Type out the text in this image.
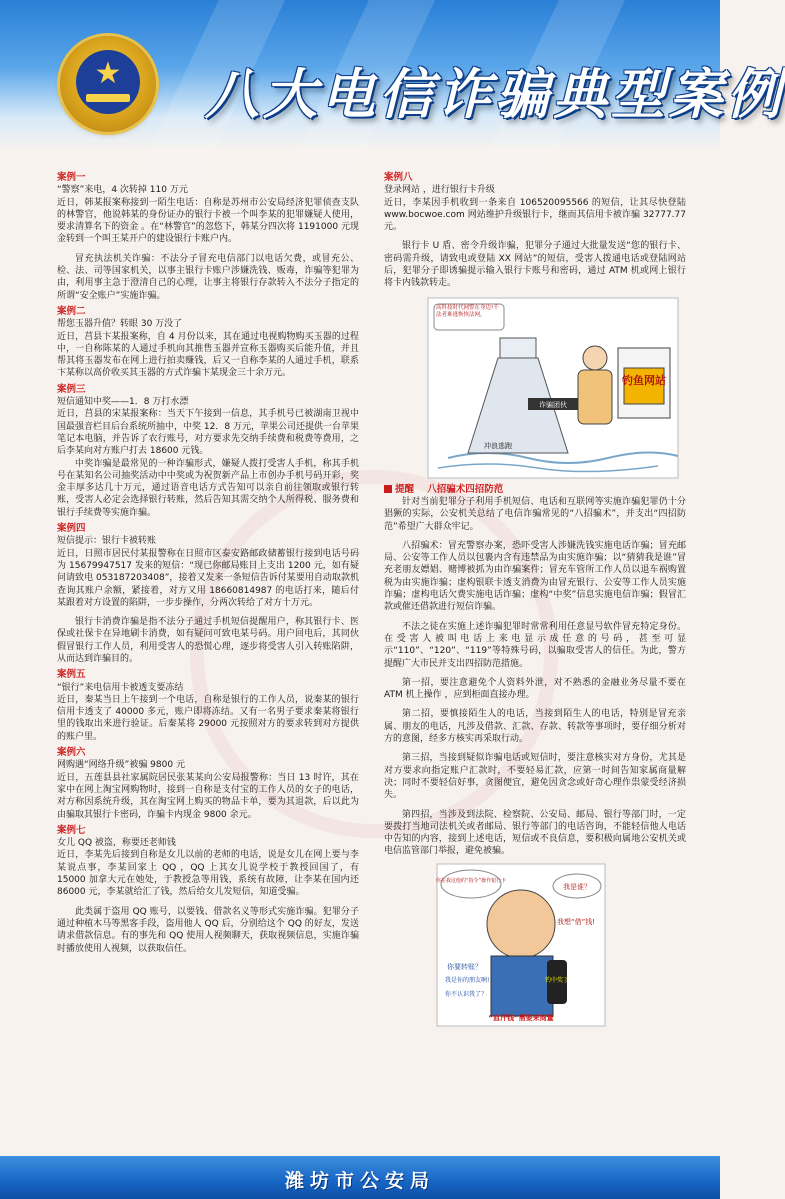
★	八大电信诈骗典型案例
案例一

“警察”来电，4 次转掉 110 万元

近日，韩某报案称接到一陌生电话：自称是苏州市公安局经济犯罪侦查支队的林警官，他说韩某的身份证办的银行卡被一个叫李某的犯罪嫌疑人使用，要求清算名下的资金 。在“林警官”的忽悠下，韩某分四次将 1191000 元现金转到一个叫王某开户的建设银行卡账户内。

冒充执法机关诈骗：不法分子冒充电信部门以电话欠费，或冒充公、检、法、司等国家机关，以事主银行卡账户涉嫌洗钱、贩毒，诈骗等犯罪为由，利用事主急于澄清自己的心理，让事主将银行存款转入不法分子指定的所谓“安全账户”实施诈骗。

案例二

帮您玉器升值？转眼 30 万没了

近日，莒县卞某报案称，自 4 月份以来，其在通过电视购物购买玉器的过程中，一自称陈某的人通过手机向其推售玉器并宣称玉器购买后能升值，并且帮其将玉器发布在网上进行拍卖赚钱，后又一自称李某的人通过手机，联系卞某称以高价收买其玉器的方式诈骗卞某现金三十余万元。

案例三

短信通知中奖——1．8 万打水漂

近日，莒县的宋某报案称：当天下午接到一信息，其手机号已被湖南卫视中国最强音栏目后台系统所抽中，中奖 12．8 万元，苹果公司还提供一台苹果笔记本电脑，并告诉了农行账号，对方要求先交纳手续费和税费等费用，之后李某向对方账户打去 18600 元钱。

中奖诈骗是最常见的一种诈骗形式，嫌疑人拨打受害人手机，称其手机号在某知名公司抽奖活动中中奖或为祝贺新产品上市创办手机号码开彩，奖金丰厚多达几十万元，通过语音电话方式告知可以亲自前往领取或银行转账，受害人必定会选择银行转账，然后告知其需交纳个人所得税、服务费和银行手续费等实施诈骗。

案例四

短信提示：银行卡被转账

近日，日照市居民付某报警称在日照市区泰安路邮政储蓄银行接到电话号码为 15679947517 发来的短信：“现已你邮局账目上支出 1200 元，如有疑问请致电 053187203408”，接着又发来一条短信告诉付某要用自动取款机查询其账户余额，紧接着，对方又用 18660814987 的电话打来，随后付某跟着对方设置的陷阱，一步步操作，分两次转给了对方十万元。

银行卡消费诈骗是指不法分子通过手机短信提醒用户，称其银行卡、医保或社保卡在异地刷卡消费，如有疑问可致电某号码。用户回电后，其同伙假冒银行工作人员，利用受害人的恐慌心理，逐步将受害人引入转账陷阱，从而达到诈骗目的。

案例五

“银行”来电信用卡被透支要冻结

近日，秦某当日上午接到一个电话，自称是银行的工作人员，说秦某的银行信用卡透支了 40000 多元，账户即将冻结。又有一名男子要求秦某将银行里的钱取出来进行验证。后秦某将 29000 元按照对方的要求转到对方提供的账户里。

案例六

网购遇“网络升级”被骗 9800 元

近日，五莲县县社家属院居民张某某向公安局报警称：当日 13 时许，其在家中在网上淘宝网购物时，接到一自称是支付宝的工作人员的女子的电话，对方称因系统升级，其在淘宝网上购买的物品卡单，要为其退款，后以此为由骗取其银行卡密码，诈骗卡内现金 9800 余元。

案例七

女儿 QQ 被盗，称要还老师钱

近日，李某先后接到自称是女儿以前的老师的电话，说是女儿在网上要与李某说点事，李某回家上 QQ ，QQ 上其女儿说学校于教授回国了，有 15000 加拿大元在她处，于教授急等用钱，系统有故障，让李某在国内还 86000 元，李某就给汇了钱，然后给女儿发短信，知道受骗。

此类属于盗用 QQ 账号，以要钱、借款名义等形式实施诈骗。犯罪分子通过种植木马等黑客手段，盗用他人 QQ 后，分别给这个 QQ 的好友，发送请求借款信息。有的事先和 QQ 使用人视频聊天，获取视频信息，实施诈骗时播放使用人视频，以获取信任。

案例八

登录网站 ，进行银行卡升级

近日，李某因手机收到一条来自 106520095566 的短信，让其尽快登陆 www.bocwoe.com 网站维护升级银行卡，继而其信用卡被诈骗 32777.77 元。

银行卡 U 盾、密令升级诈骗，犯罪分子通过大批量发送“您的银行卡、密码需升级，请致电或登陆 XX 网站”的短信，受害人拨通电话或登陆网站后，犯罪分子即诱骗提示输入银行卡账号和密码，通过 ATM 机或网上银行将卡内钱款转走。

钓鱼网站
诈骗团伙
冲浪逃跑
高科技时代网警在身边!不法者难逃恢恢法网。
提醒 八招骗术四招防范

针对当前犯罪分子利用手机短信、电话和互联网等实施诈骗犯罪仍十分猖獗的实际，公安机关总结了电信诈骗常见的“八招骗术”，并支出“四招防范”希望广大群众牢记。

八招骗术：冒充警察办案，恐吓受害人涉嫌洗钱实施电话诈骗；冒充邮局、公安等工作人员以包裹内含有违禁品为由实施诈骗；以“猜猜我是谁”冒充老朋友嫖娼、赌博被抓为由诈骗案件；冒充车管所工作人员以退车祸购置税为由实施诈骗；虚构银联卡透支消费为由冒充银行、公安等工作人员实施诈骗；虚构电话欠费实施电话诈骗；虚构“中奖”信息实施电信诈骗；假冒汇款或催还借款进行短信诈骗。

不法之徒在实施上述诈骗犯罪时常常利用任意显号软件冒充特定身份。在受害人被叫电话上来电显示成任意的号码，甚至可显示“110”、“120”、“119”等特殊号码，以骗取受害人的信任。为此，警方提醒广大市民并支出四招防范措施。

第一招，要注意避免个人资料外泄，对不熟悉的金融业务尽量不要在 ATM 机上操作 ，应到柜面直接办理。

第二招，要慎接陌生人的电话，当接到陌生人的电话，特别是冒充亲属、朋友的电话，凡涉及借款、汇款、存款、转款等事项时，要仔细分析对方的意图，经多方核实再采取行动。

第三招，当接到疑似诈骗电话或短信时，要注意核实对方身份，尤其是对方要求向指定账户汇款时，不要轻易汇款，应第一时间告知家属商量解决；同时不要轻信好事，贪图便宜，避免因贪念或好奇心理作祟蒙受经济损失。

第四招，当涉及到法院、检察院、公安局、邮局、银行等部门时，一定要拨打当地司法机关或者邮局、银行等部门的电话咨询，不能轻信他人电话中告知的内容，接到上述电话，短信或不良信息，要积极向属地公安机关或电信监管部门举报，避免被骗。

钓中奖了
你在我这他的“指令”操作银行卡
我是谁？
你要转账？
我是你的朋友啊!
你不认识我了？
我想“借”钱!
“血汗钱”需要来商量
潍坊市公安局
